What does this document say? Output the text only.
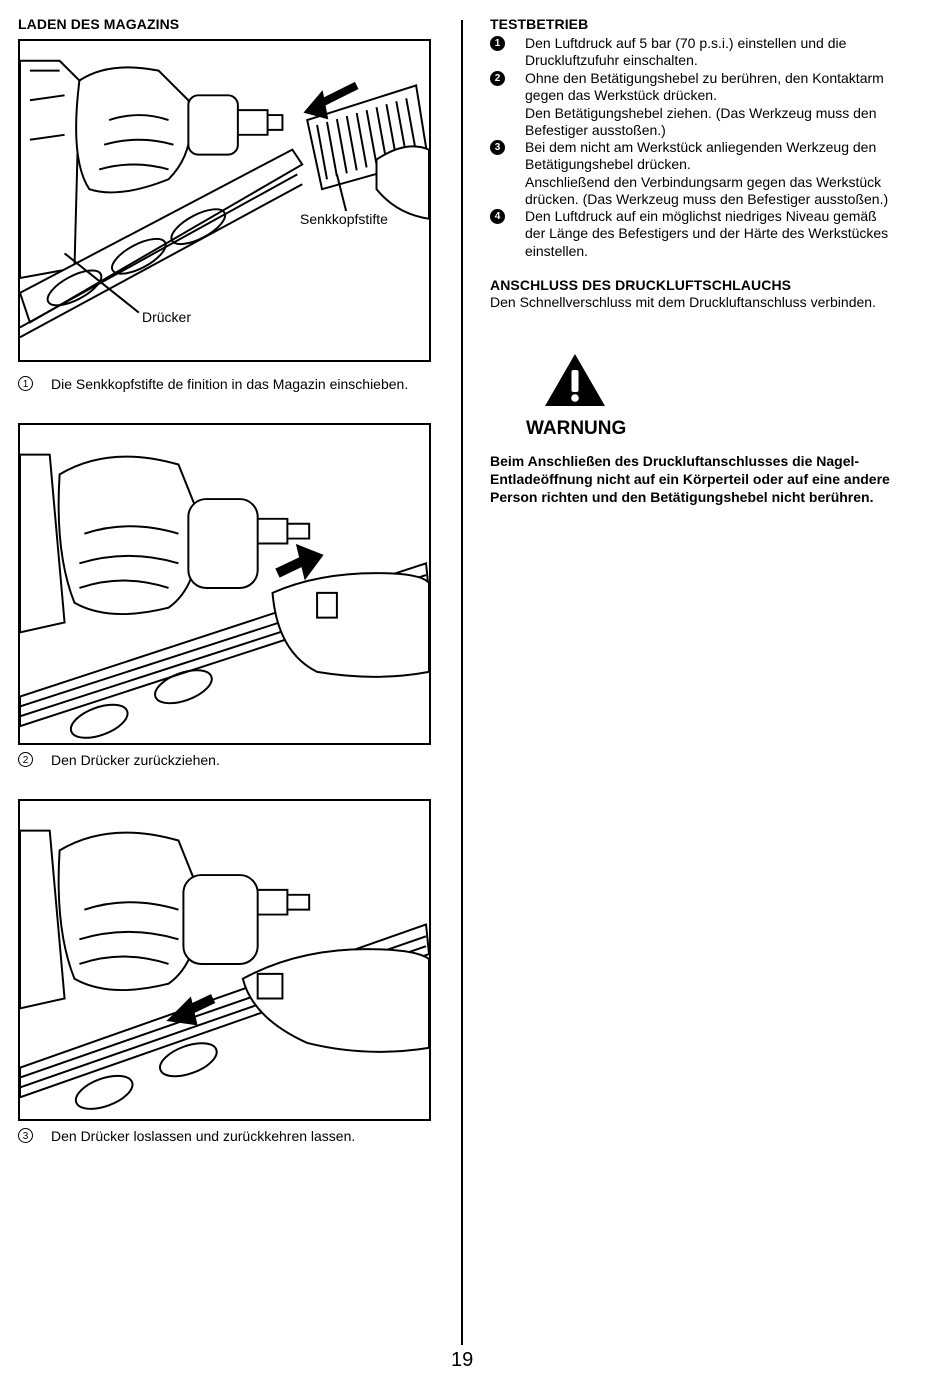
LADEN DES MAGAZINS
Senkkopfstifte
Drücker
1	Die Senkkopfstifte de finition in das Magazin einschieben.
2	Den Drücker zurückziehen.
3	Den Drücker loslassen und zurückkehren lassen.
TESTBETRIEB
1	Den Luftdruck auf 5 bar (70 p.s.i.) einstellen und die
Druckluftzufuhr einschalten.
2	Ohne den Betätigungshebel zu berühren, den Kontaktarm
gegen das Werkstück drücken.
Den Betätigungshebel ziehen. (Das Werkzeug muss den
Befestiger ausstoßen.)
3	Bei dem nicht am Werkstück anliegenden Werkzeug den
Betätigungshebel drücken.
Anschließend den Verbindungsarm gegen das Werkstück
drücken. (Das Werkzeug muss den Befestiger ausstoßen.)
4	Den Luftdruck auf ein möglichst niedriges Niveau gemäß
der Länge des Befestigers und der Härte des Werkstückes
einstellen.
ANSCHLUSS DES DRUCKLUFTSCHLAUCHS
Den Schnellverschluss mit dem Druckluftanschluss verbinden.
WARNUNG
Beim Anschließen des Druckluftanschlusses die Nagel-
Entladeöffnung nicht auf ein Körperteil oder auf eine andere
Person richten und den Betätigungshebel nicht berühren.
19
